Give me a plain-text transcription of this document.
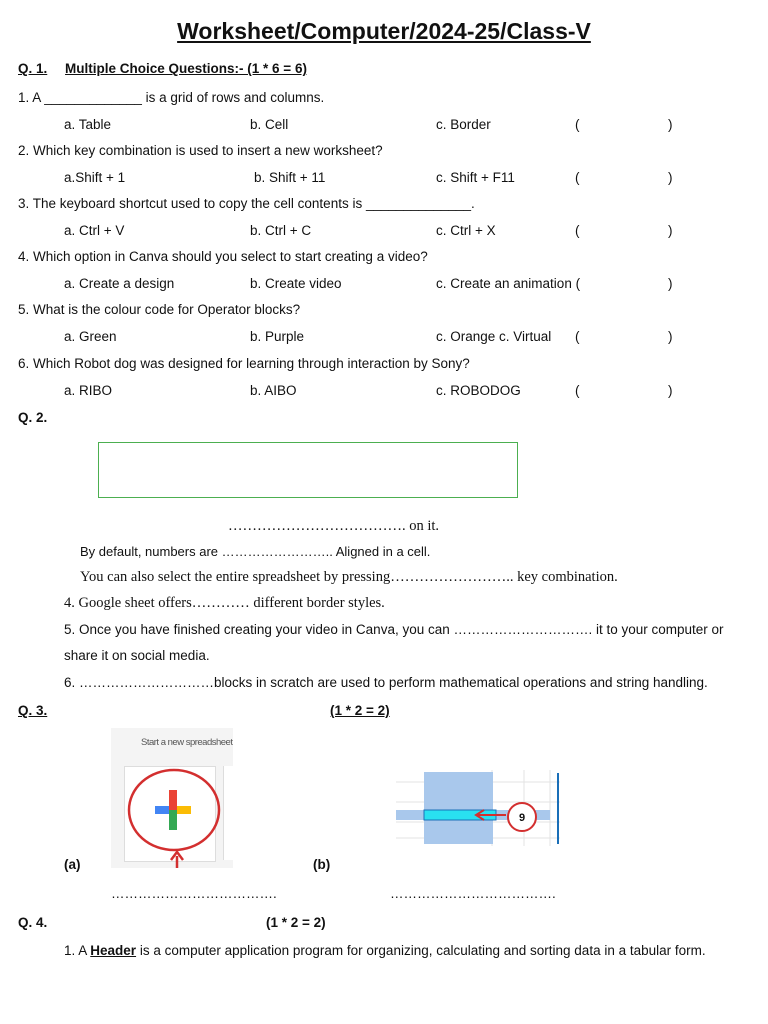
Worksheet/Computer/2024-25/Class-V
Q. 1. Multiple Choice Questions:- (1 * 6 = 6)
1. A _____________ is a grid of rows and columns.
a. Table	b. Cell	c. Border	(	)
2. Which key combination is used to insert a new worksheet?
a.Shift + 1	b. Shift + 11	c. Shift + F11	(	)
3. The keyboard shortcut used to copy the cell contents is ______________.
a. Ctrl + V	b. Ctrl + C	c. Ctrl + X	(	)
4. Which option in Canva should you select to start creating a video?
a. Create a design	b. Create video	c. Create an animation (	)
5. What is the colour code for Operator blocks?
a. Green	b. Purple	c. Orange c. Virtual (	)
6. Which Robot dog was designed for learning through interaction by Sony?
a. RIBO	b. AIBO	c. ROBODOG	(	)
Q. 2.
………………………………. on it.
By default, numbers are …………………….. Aligned in a cell.
You can also select the entire spreadsheet by pressing…………………….. key combination.
4. Google sheet offers………… different border styles.
5. Once you have finished creating your video in Canva, you can …………………………. it to your computer or
share it on social media.
6. …………………………blocks in scratch are used to perform mathematical operations and string handling.
Q. 3.	(1 * 2 = 2)
Start a new spreadsheet
9
(a)	(b)
……………………………….	……………………………….
Q. 4.	(1 * 2 = 2)
1. A Header is a computer application program for organizing, calculating and sorting data in a tabular form.
